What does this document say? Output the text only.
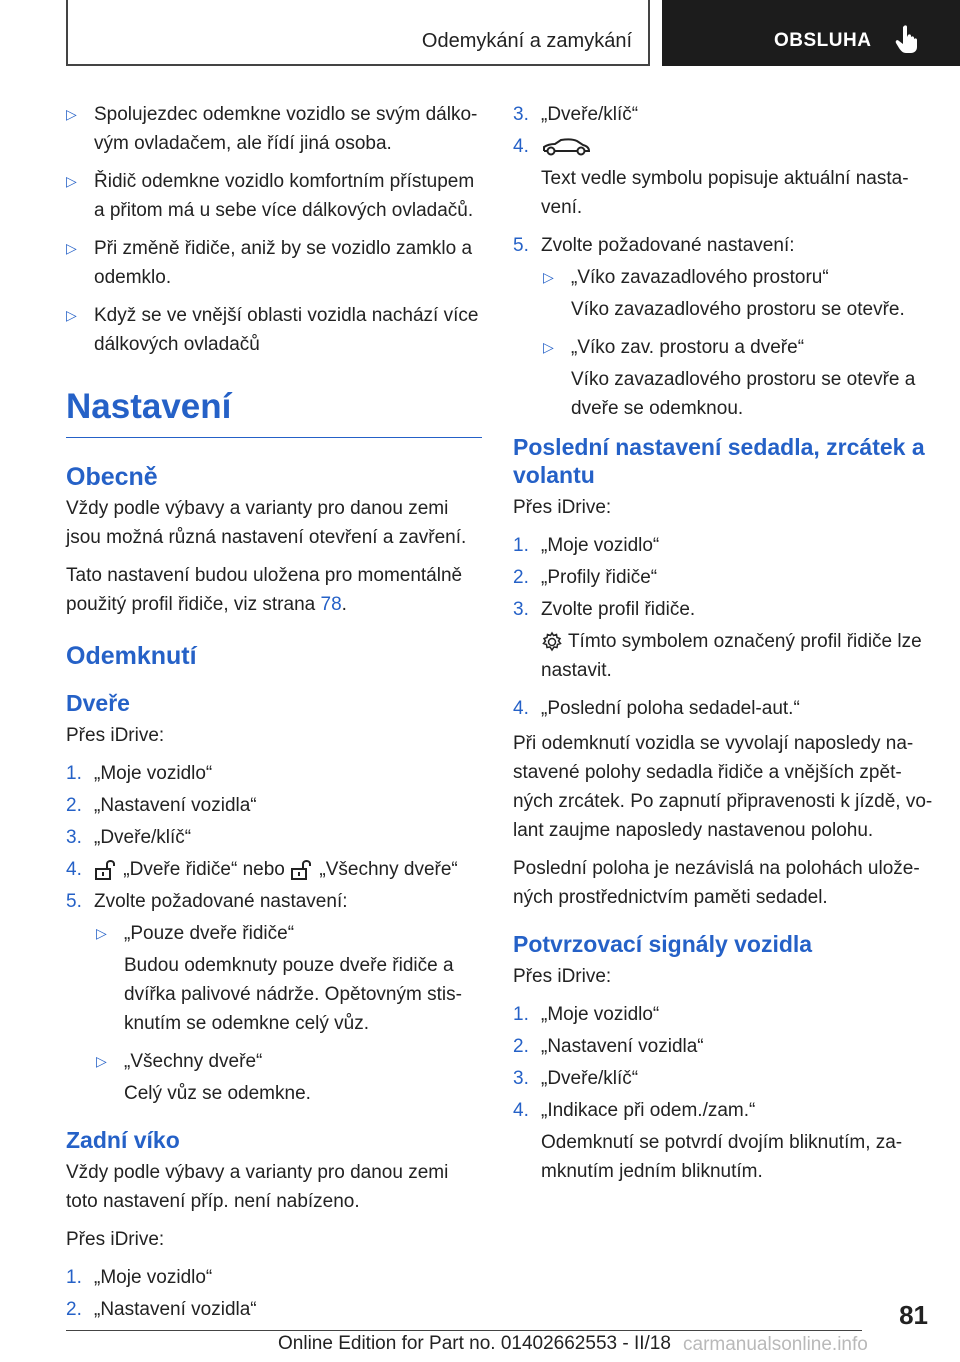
Odemykání a zamykání	OBSLUHA
▷ Spolujezdec odemkne vozidlo se svým dálko-vým ovladačem, ale řídí jiná osoba.
▷ Řidič odemkne vozidlo komfortním přístupem a přitom má u sebe více dálkových ovladačů.
▷ Při změně řidiče, aniž by se vozidlo zamklo a odemklo.
▷ Když se ve vnější oblasti vozidla nachází více dálkových ovladačů
Nastavení
Obecně
Vždy podle výbavy a varianty pro danou zemi jsou možná různá nastavení otevření a zavření.
Tato nastavení budou uložena pro momentálně použitý profil řidiče, viz strana 78.
Odemknutí
Dveře
Přes iDrive:
1. „Moje vozidlo“
2. „Nastavení vozidla“
3. „Dveře/klíč“
4. „Dveře řidiče“ nebo „Všechny dveře“
5. Zvolte požadované nastavení:
▷ „Pouze dveře řidiče“
Budou odemknuty pouze dveře řidiče a dvířka palivové nádrže. Opětovným stis-knutím se odemkne celý vůz.
▷ „Všechny dveře“
Celý vůz se odemkne.
Zadní víko
Vždy podle výbavy a varianty pro danou zemi toto nastavení příp. není nabízeno.
Přes iDrive:
1. „Moje vozidlo“
2. „Nastavení vozidla“
3. „Dveře/klíč“
4.
Text vedle symbolu popisuje aktuální nasta-vení.
5. Zvolte požadované nastavení:
▷ „Víko zavazadlového prostoru“
Víko zavazadlového prostoru se otevře.
▷ „Víko zav. prostoru a dveře“
Víko zavazadlového prostoru se otevře a dveře se odemknou.
Poslední nastavení sedadla, zrcátek a volantu
Přes iDrive:
1. „Moje vozidlo“
2. „Profily řidiče“
3. Zvolte profil řidiče.
Tímto symbolem označený profil řidiče lze nastavit.
4. „Poslední poloha sedadel-aut.“
Při odemknutí vozidla se vyvolají naposledy na-stavené polohy sedadla řidiče a vnějších zpět-ných zrcátek. Po zapnutí připravenosti k jízdě, vo-lant zaujme naposledy nastavenou polohu.
Poslední poloha je nezávislá na polohách ulože-ných prostřednictvím paměti sedadel.
Potvrzovací signály vozidla
Přes iDrive:
1. „Moje vozidlo“
2. „Nastavení vozidla“
3. „Dveře/klíč“
4. „Indikace při odem./zam.“
Odemknutí se potvrdí dvojím bliknutím, za-mknutím jedním bliknutím.
81
Online Edition for Part no. 01402662553 - II/18 carmanualsonline.info
